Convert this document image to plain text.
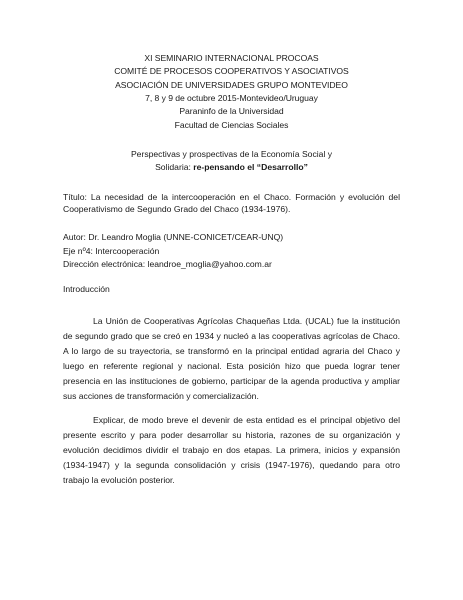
XI SEMINARIO INTERNACIONAL PROCOAS

COMITÉ DE PROCESOS COOPERATIVOS Y ASOCIATIVOS

ASOCIACIÓN DE UNIVERSIDADES GRUPO MONTEVIDEO

7, 8 y 9 de octubre 2015-Montevideo/Uruguay

Paraninfo de la Universidad

Facultad de Ciencias Sociales

Perspectivas y prospectivas de la Economía Social y

Solidaria: re-pensando el “Desarrollo”

Título: La necesidad de la intercooperación en el Chaco. Formación y evolución del Cooperativismo de Segundo Grado del Chaco (1934-1976).

Autor: Dr. Leandro Moglia (UNNE-CONICET/CEAR-UNQ)

Eje nº4: Intercooperación

Dirección electrónica: leandroe_moglia@yahoo.com.ar

Introducción

La Unión de Cooperativas Agrícolas Chaqueñas Ltda. (UCAL) fue la institución de segundo grado que se creó en 1934 y nucleó a las cooperativas agrícolas de Chaco. A lo largo de su trayectoria, se transformó en la principal entidad agraria del Chaco y luego en referente regional y nacional. Esta posición hizo que pueda lograr tener presencia en las instituciones de gobierno, participar de la agenda productiva y ampliar sus acciones de transformación y comercialización.

Explicar, de modo breve el devenir de esta entidad es el principal objetivo del presente escrito y para poder desarrollar su historia, razones de su organización y evolución decidimos dividir el trabajo en dos etapas. La primera, inicios y expansión (1934-1947) y la segunda consolidación y crisis (1947-1976), quedando para otro trabajo la evolución posterior.
